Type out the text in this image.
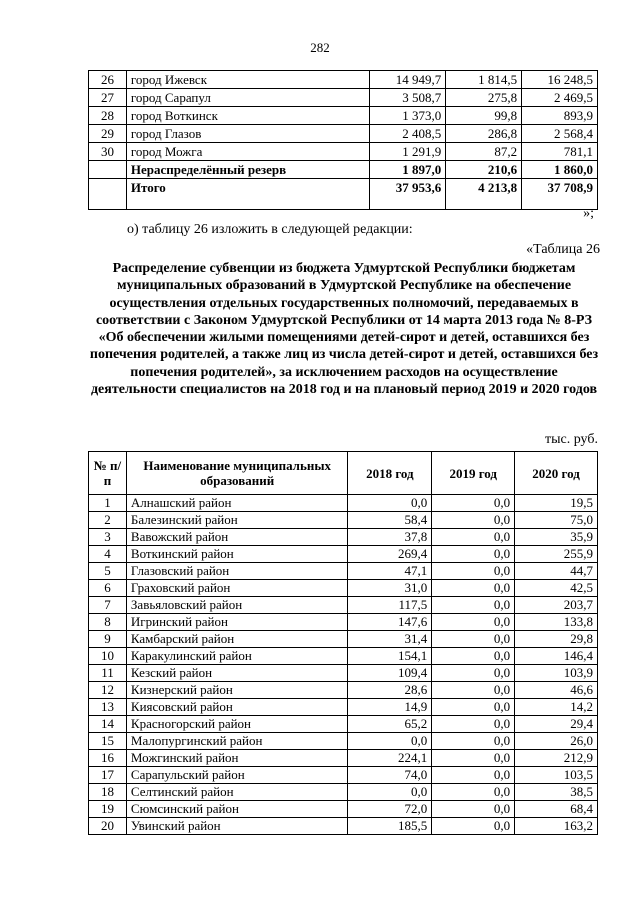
282
26	город Ижевск	14 949,7	1 814,5	16 248,5
27	город Сарапул	3 508,7	275,8	2 469,5
28	город Воткинск	1 373,0	99,8	893,9
29	город Глазов	2 408,5	286,8	2 568,4
30	город Можга	1 291,9	87,2	781,1
	Нераспределённый резерв	1 897,0	210,6	1 860,0
	Итого	37 953,6	4 213,8	37 708,9
»;
о) таблицу 26 изложить в следующей редакции:
«Таблица 26
Распределение субвенции из бюджета Удмуртской Республики бюджетам муниципальных образований в Удмуртской Республике на обеспечение осуществления отдельных государственных полномочий, передаваемых в соответствии с Законом Удмуртской Республики от 14 марта 2013 года № 8-РЗ «Об обеспечении жилыми помещениями детей-сирот и детей, оставшихся без попечения родителей, а также лиц из числа детей-сирот и детей, оставшихся без попечения родителей», за исключением расходов на осуществление деятельности специалистов на 2018 год и на плановый период 2019 и 2020 годов
тыс. руб.
№ п/п	Наименование муниципальных образований	2018 год	2019 год	2020 год
1	Алнашский район	0,0	0,0	19,5
2	Балезинский район	58,4	0,0	75,0
3	Вавожский район	37,8	0,0	35,9
4	Воткинский район	269,4	0,0	255,9
5	Глазовский район	47,1	0,0	44,7
6	Граховский район	31,0	0,0	42,5
7	Завьяловский район	117,5	0,0	203,7
8	Игринский район	147,6	0,0	133,8
9	Камбарский район	31,4	0,0	29,8
10	Каракулинский район	154,1	0,0	146,4
11	Кезский район	109,4	0,0	103,9
12	Кизнерский район	28,6	0,0	46,6
13	Киясовский район	14,9	0,0	14,2
14	Красногорский район	65,2	0,0	29,4
15	Малопургинский район	0,0	0,0	26,0
16	Можгинский район	224,1	0,0	212,9
17	Сарапульский район	74,0	0,0	103,5
18	Селтинский район	0,0	0,0	38,5
19	Сюмсинский район	72,0	0,0	68,4
20	Увинский район	185,5	0,0	163,2
